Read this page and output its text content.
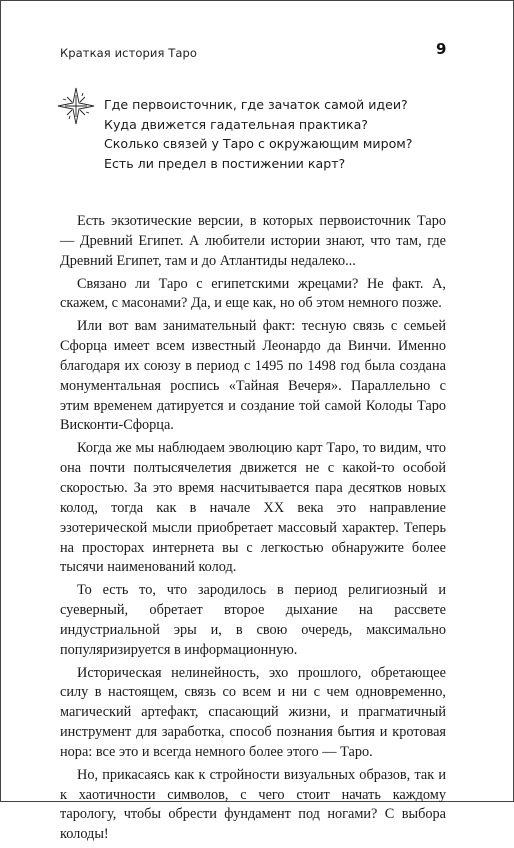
Краткая история Таро	9
Где первоисточник, где зачаток самой идеи?
Куда движется гадательная практика?
Сколько связей у Таро с окружающим миром?
Есть ли предел в постижении карт?

Есть экзотические версии, в которых первоисточник Таро — Древний Египет. А любители истории знают, что там, где Древний Египет, там и до Атлантиды недалеко...

Связано ли Таро с египетскими жрецами? Не факт. А, скажем, с масонами? Да, и еще как, но об этом немного позже.

Или вот вам занимательный факт: тесную связь с семьей Сфорца имеет всем известный Леонардо да Винчи. Именно благодаря их союзу в период с 1495 по 1498 год была создана монументальная роспись «Тайная Вечеря». Параллельно с этим временем датируется и создание той самой Колоды Таро Висконти-Сфорца.

Когда же мы наблюдаем эволюцию карт Таро, то видим, что она почти полтысячелетия движется не с какой-то особой скоростью. За это время насчитывается пара десятков новых колод, тогда как в начале XX века это направление эзотерической мысли приобретает массовый характер. Теперь на просторах интернета вы с легкостью обнаружите более тысячи наименований колод.

То есть то, что зародилось в период религиозный и суеверный, обретает второе дыхание на рассвете индустриальной эры и, в свою очередь, максимально популяризируется в информационную.

Историческая нелинейность, эхо прошлого, обретающее силу в настоящем, связь со всем и ни с чем одновременно, магический артефакт, спасающий жизни, и прагматичный инструмент для заработка, способ познания бытия и кротовая нора: все это и всегда немного более этого — Таро.

Но, прикасаясь как к стройности визуальных образов, так и к хаотичности символов, с чего стоит начать каждому тарологу, чтобы обрести фундамент под ногами? С выбора колоды!
